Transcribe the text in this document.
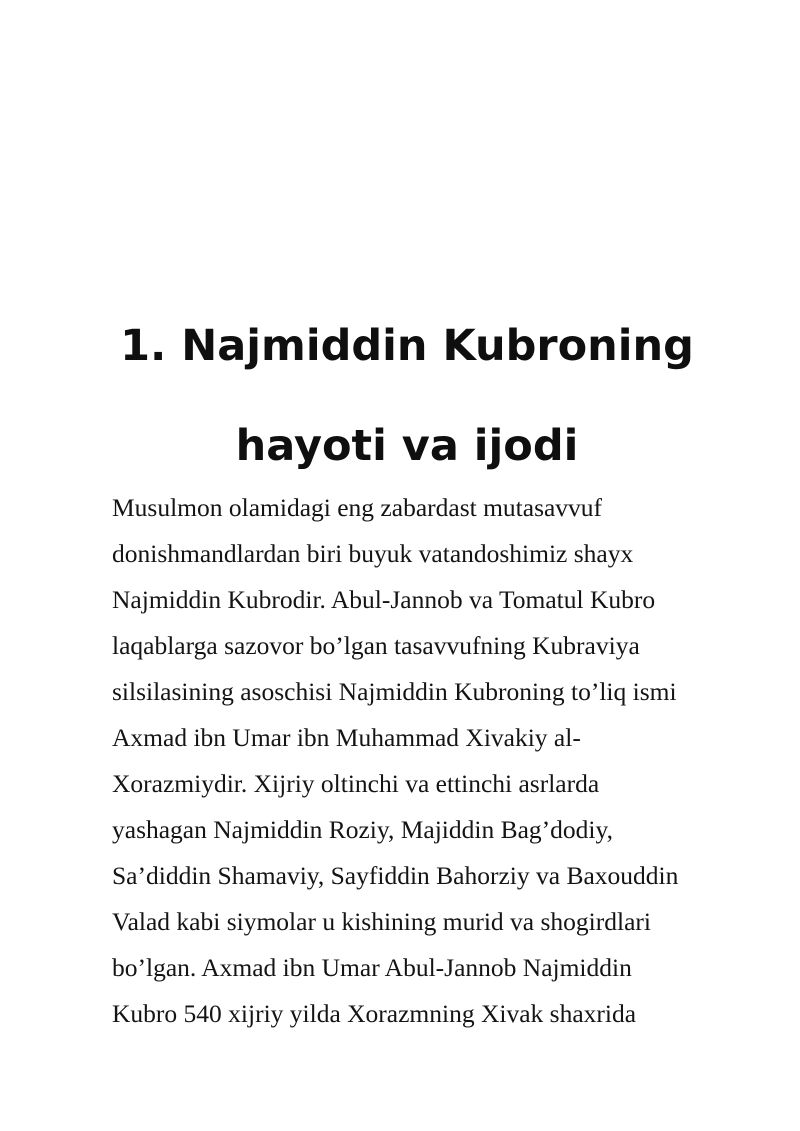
1. Najmiddin Kubroning
hayoti va ijodi

Musulmon olamidagi eng zabardast mutasavvuf
donishmandlardan biri buyuk vatandoshimiz shayx
Najmiddin Kubrodir. Abul-Jannob va Tomatul Kubro
laqablarga sazovor bo’lgan tasavvufning Kubraviya
silsilasining asoschisi Najmiddin Kubroning to’liq ismi
Axmad ibn Umar ibn Muhammad Xivakiy al-
Xorazmiydir. Xijriy oltinchi va ettinchi asrlarda
yashagan Najmiddin Roziy, Majiddin Bag’dodiy,
Sa’diddin Shamaviy, Sayfiddin Bahorziy va Baxouddin
Valad kabi siymolar u kishining murid va shogirdlari
bo’lgan. Axmad ibn Umar Abul-Jannob Najmiddin
Kubro 540 xijriy yilda Xorazmning Xivak shaxrida
